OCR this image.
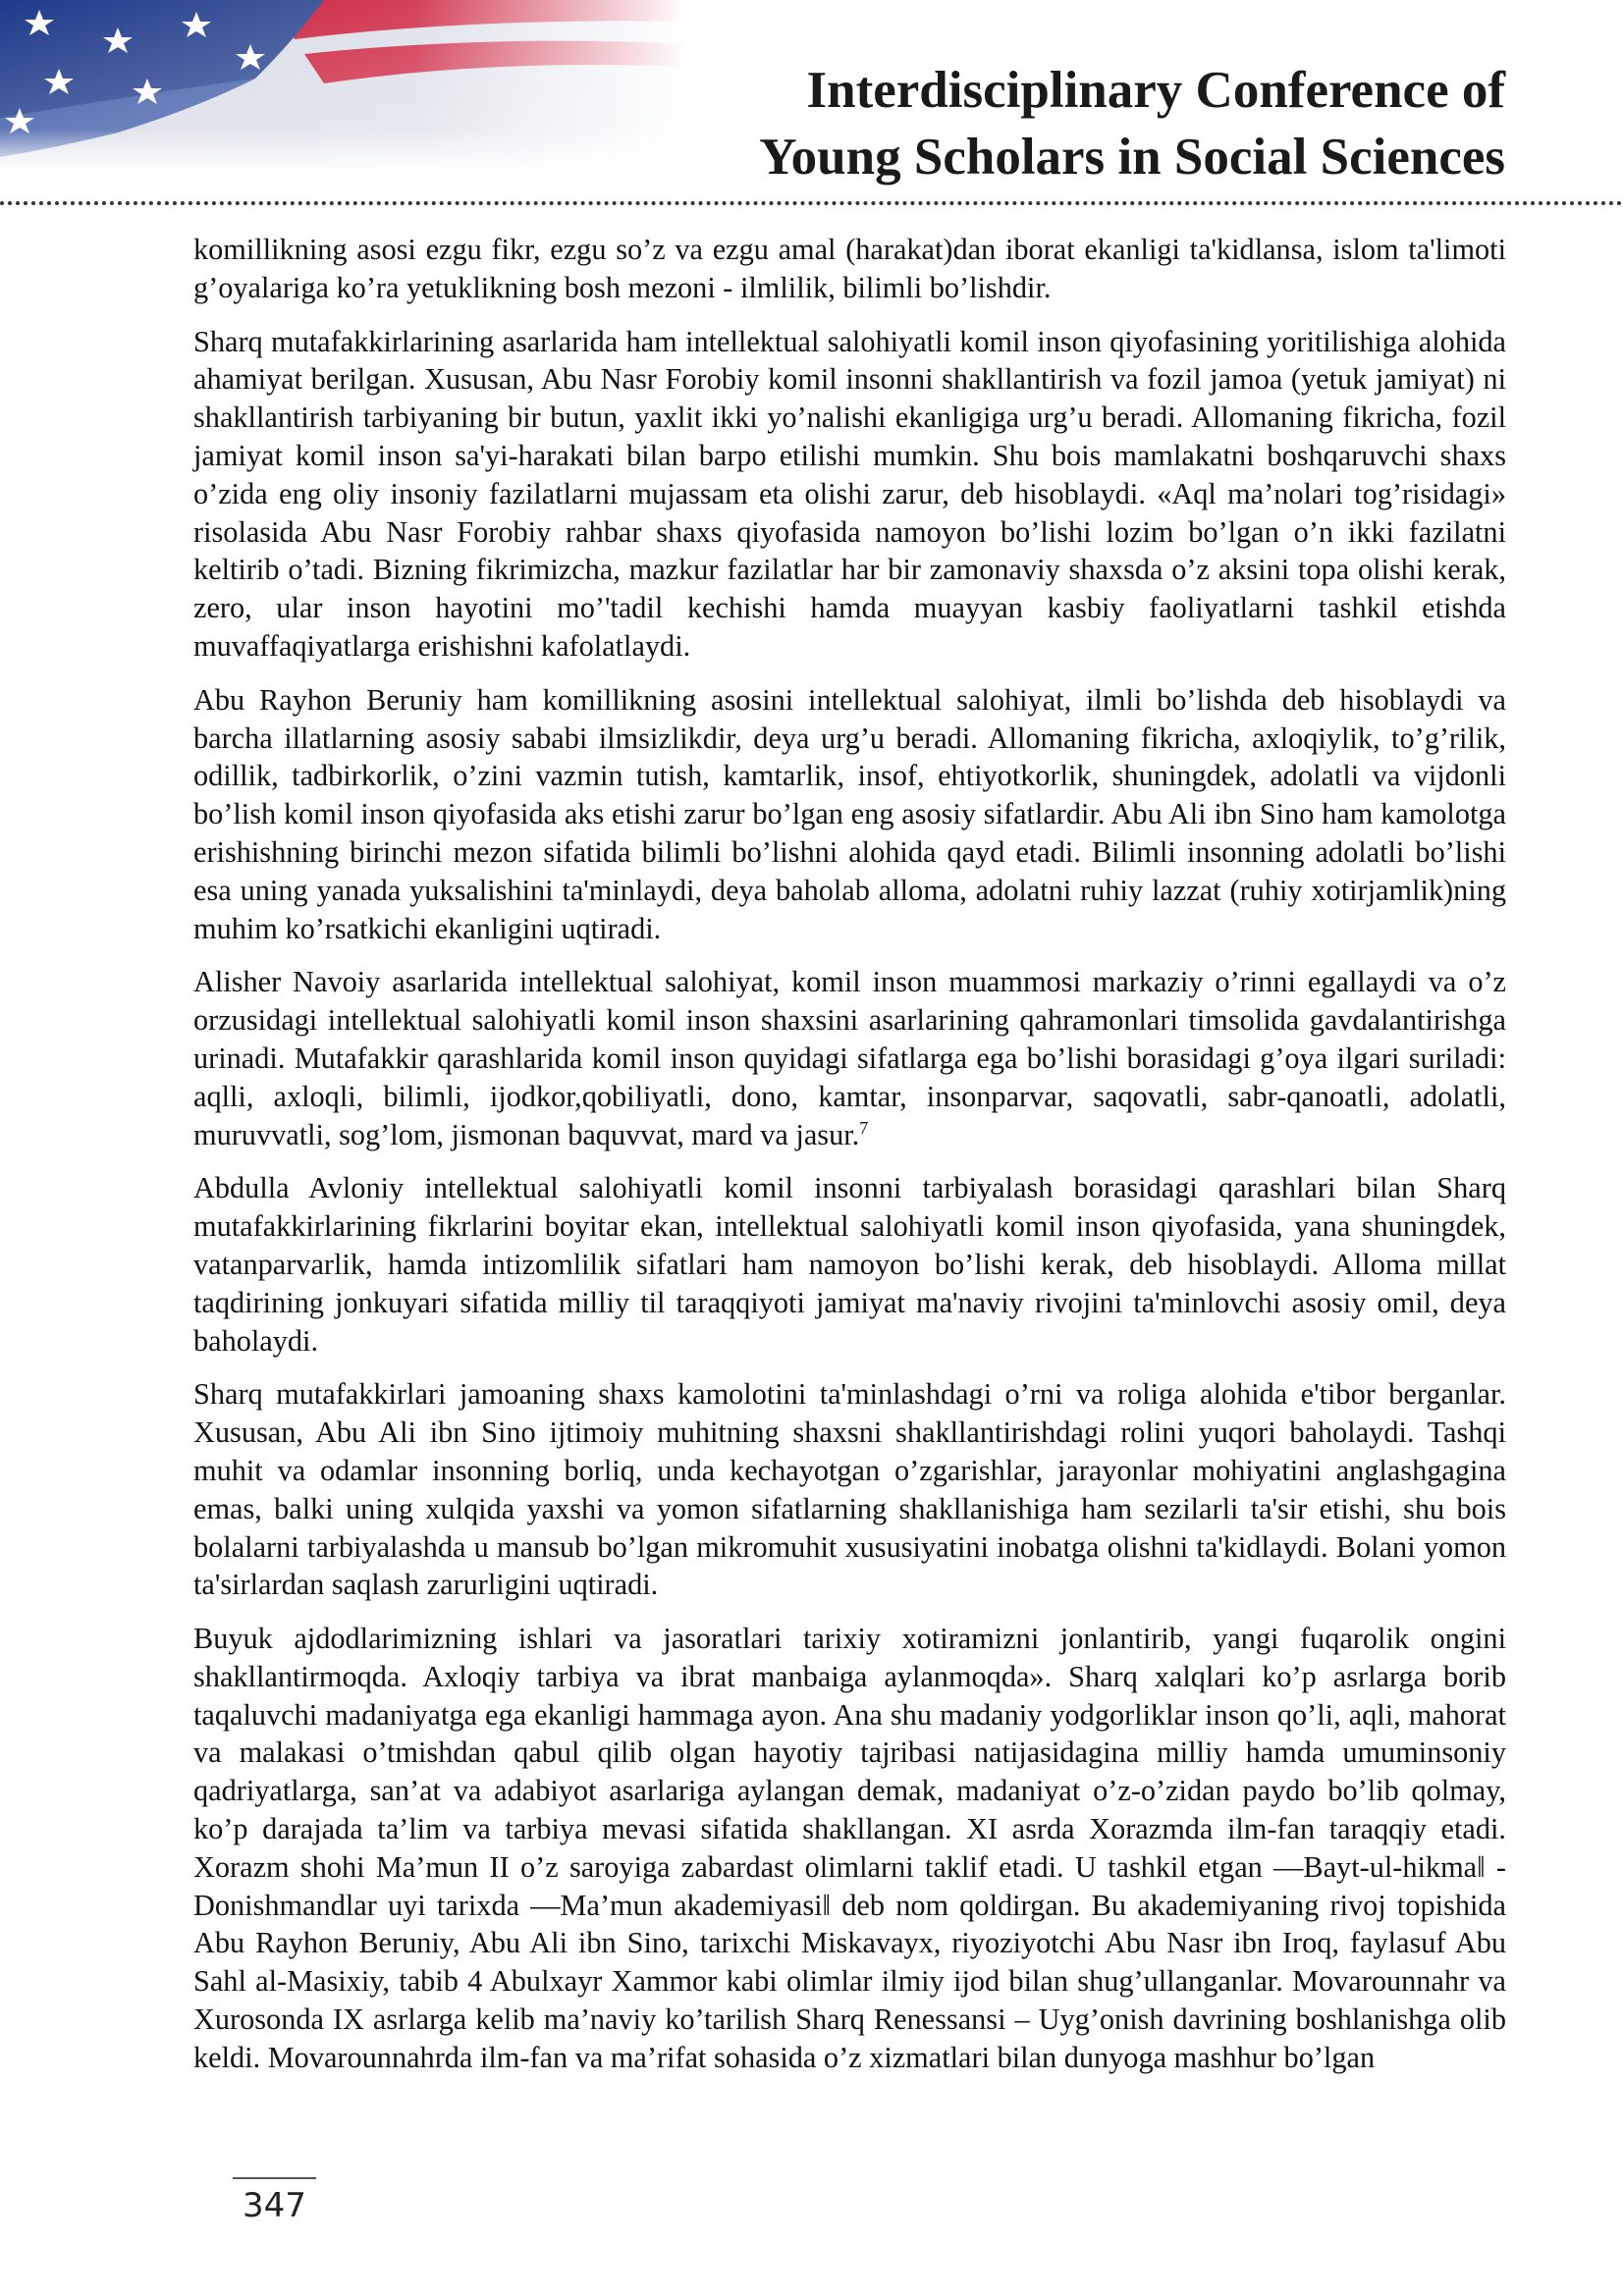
Interdisciplinary Conference of
Young Scholars in Social Sciences

komillikning asosi ezgu fikr, ezgu so’z va ezgu amal (harakat)dan iborat ekanligi ta'kidlansa, islom ta'limoti g’oyalariga ko’ra yetuklikning bosh mezoni - ilmlilik, bilimli bo’lishdir.

Sharq mutafakkirlarining asarlarida ham intellektual salohiyatli komil inson qiyofasining yoritilishiga alohida ahamiyat berilgan. Xususan, Abu Nasr Forobiy komil insonni shakllantirish va fozil jamoa (yetuk jamiyat) ni shakllantirish tarbiyaning bir butun, yaxlit ikki yo’nalishi ekanligiga urg’u beradi. Allomaning fikricha, fozil jamiyat komil inson sa'yi-harakati bilan barpo etilishi mumkin. Shu bois mamlakatni boshqaruvchi shaxs o’zida eng oliy insoniy fazilatlarni mujassam eta olishi zarur, deb hisoblaydi. «Aql ma’nolari tog’risidagi» risolasida Abu Nasr Forobiy rahbar shaxs qiyofasida namoyon bo’lishi lozim bo’lgan o’n ikki fazilatni keltirib o’tadi. Bizning fikrimizcha, mazkur fazilatlar har bir zamonaviy shaxsda o’z aksini topa olishi kerak, zero, ular inson hayotini mo’'tadil kechishi hamda muayyan kasbiy faoliyatlarni tashkil etishda muvaffaqiyatlarga erishishni kafolatlaydi.

Abu Rayhon Beruniy ham komillikning asosini intellektual salohiyat, ilmli bo’lishda deb hisoblaydi va barcha illatlarning asosiy sababi ilmsizlikdir, deya urg’u beradi. Allomaning fikricha, axloqiylik, to’g’rilik, odillik, tadbirkorlik, o’zini vazmin tutish, kamtarlik, insof, ehtiyotkorlik, shuningdek, adolatli va vijdonli bo’lish komil inson qiyofasida aks etishi zarur bo’lgan eng asosiy sifatlardir. Abu Ali ibn Sino ham kamolotga erishishning birinchi mezon sifatida bilimli bo’lishni alohida qayd etadi. Bilimli insonning adolatli bo’lishi esa uning yanada yuksalishini ta'minlaydi, deya baholab alloma, adolatni ruhiy lazzat (ruhiy xotirjamlik)ning muhim ko’rsatkichi ekanligini uqtiradi.

Alisher Navoiy asarlarida intellektual salohiyat, komil inson muammosi markaziy o’rinni egallaydi va o’z orzusidagi intellektual salohiyatli komil inson shaxsini asarlarining qahramonlari timsolida gavdalantirishga urinadi. Mutafakkir qarashlarida komil inson quyidagi sifatlarga ega bo’lishi borasidagi g’oya ilgari suriladi: aqlli, axloqli, bilimli, ijodkor,qobiliyatli, dono, kamtar, insonparvar, saqovatli, sabr-qanoatli, adolatli, muruvvatli, sog’lom, jismonan baquvvat, mard va jasur.$^7$

Abdulla Avloniy intellektual salohiyatli komil insonni tarbiyalash borasidagi qarashlari bilan Sharq mutafakkirlarining fikrlarini boyitar ekan, intellektual salohiyatli komil inson qiyofasida, yana shuningdek, vatanparvarlik, hamda intizomlilik sifatlari ham namoyon bo’lishi kerak, deb hisoblaydi. Alloma millat taqdirining jonkuyari sifatida milliy til taraqqiyoti jamiyat ma'naviy rivojini ta'minlovchi asosiy omil, deya baholaydi.

Sharq mutafakkirlari jamoaning shaxs kamolotini ta'minlashdagi o’rni va roliga alohida e'tibor berganlar. Xususan, Abu Ali ibn Sino ijtimoiy muhitning shaxsni shakllantirishdagi rolini yuqori baholaydi. Tashqi muhit va odamlar insonning borliq, unda kechayotgan o’zgarishlar, jarayonlar mohiyatini anglashgagina emas, balki uning xulqida yaxshi va yomon sifatlarning shakllanishiga ham sezilarli ta'sir etishi, shu bois bolalarni tarbiyalashda u mansub bo’lgan mikromuhit xususiyatini inobatga olishni ta'kidlaydi. Bolani yomon ta'sirlardan saqlash zarurligini uqtiradi.

Buyuk ajdodlarimizning ishlari va jasoratlari tarixiy xotiramizni jonlantirib, yangi fuqarolik ongini shakllantirmoqda. Axloqiy tarbiya va ibrat manbaiga aylanmoqda». Sharq xalqlari ko’p asrlarga borib taqaluvchi madaniyatga ega ekanligi hammaga ayon. Ana shu madaniy yodgorliklar inson qo’li, aqli, mahorat va malakasi o’tmishdan qabul qilib olgan hayotiy tajribasi natijasidagina milliy hamda umuminsoniy qadriyatlarga, san’at va adabiyot asarlariga aylangan demak, madaniyat o’z-o’zidan paydo bo’lib qolmay, ko’p darajada ta’lim va tarbiya mevasi sifatida shakllangan. XI asrda Xorazmda ilm-fan taraqqiy etadi. Xorazm shohi Ma’mun II o’z saroyiga zabardast olimlarni taklif etadi. U tashkil etgan ―Bayt-ul-hikma‖ - Donishmandlar uyi tarixda ―Ma’mun akademiyasi‖ deb nom qoldirgan. Bu akademiyaning rivoj topishida Abu Rayhon Beruniy, Abu Ali ibn Sino, tarixchi Miskavayx, riyoziyotchi Abu Nasr ibn Iroq, faylasuf Abu Sahl al-Masixiy, tabib 4 Abulxayr Xammor kabi olimlar ilmiy ijod bilan shug’ullanganlar. Movarounnahr va Xurosonda IX asrlarga kelib ma’naviy ko’tarilish Sharq Renessansi – Uyg’onish davrining boshlanishga olib keldi. Movarounnahrda ilm-fan va ma’rifat sohasida o’z xizmatlari bilan dunyoga mashhur bo’lgan

347
